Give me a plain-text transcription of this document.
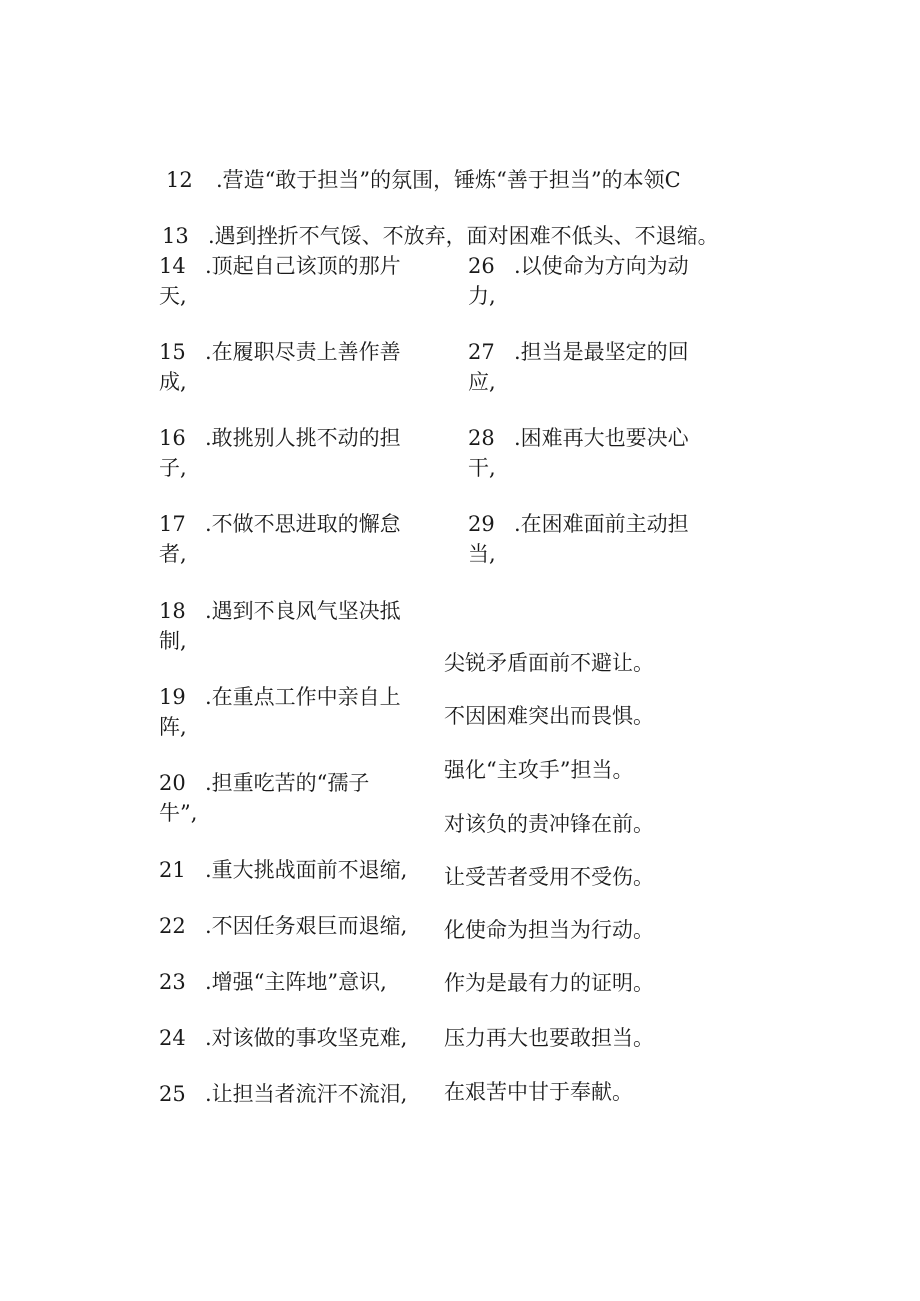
12 .营造“敢于担当”的氛围，锤炼“善于担当”的本领C
13 .遇到挫折不气馁、不放弃，面对困难不低头、不退缩。
14 .顶起自己该顶的那片
天,
15 .在履职尽责上善作善
成,
16 .敢挑别人挑不动的担
子,
17 .不做不思进取的懈怠
者,
18 .遇到不良风气坚决抵
制,
19 .在重点工作中亲自上
阵,
20 .担重吃苦的“孺子
牛”,
21 .重大挑战面前不退缩,
22 .不因任务艰巨而退缩,
23 .增强“主阵地”意识,
24 .对该做的事攻坚克难,
25 .让担当者流汗不流泪,
26 .以使命为方向为动
力,
27 .担当是最坚定的回
应,
28 .困难再大也要决心
干,
29 .在困难面前主动担
当,
尖锐矛盾面前不避让。
不因困难突出而畏惧。
强化“主攻手”担当。
对该负的责冲锋在前。
让受苦者受用不受伤。
化使命为担当为行动。
作为是最有力的证明。
压力再大也要敢担当。
在艰苦中甘于奉献。
